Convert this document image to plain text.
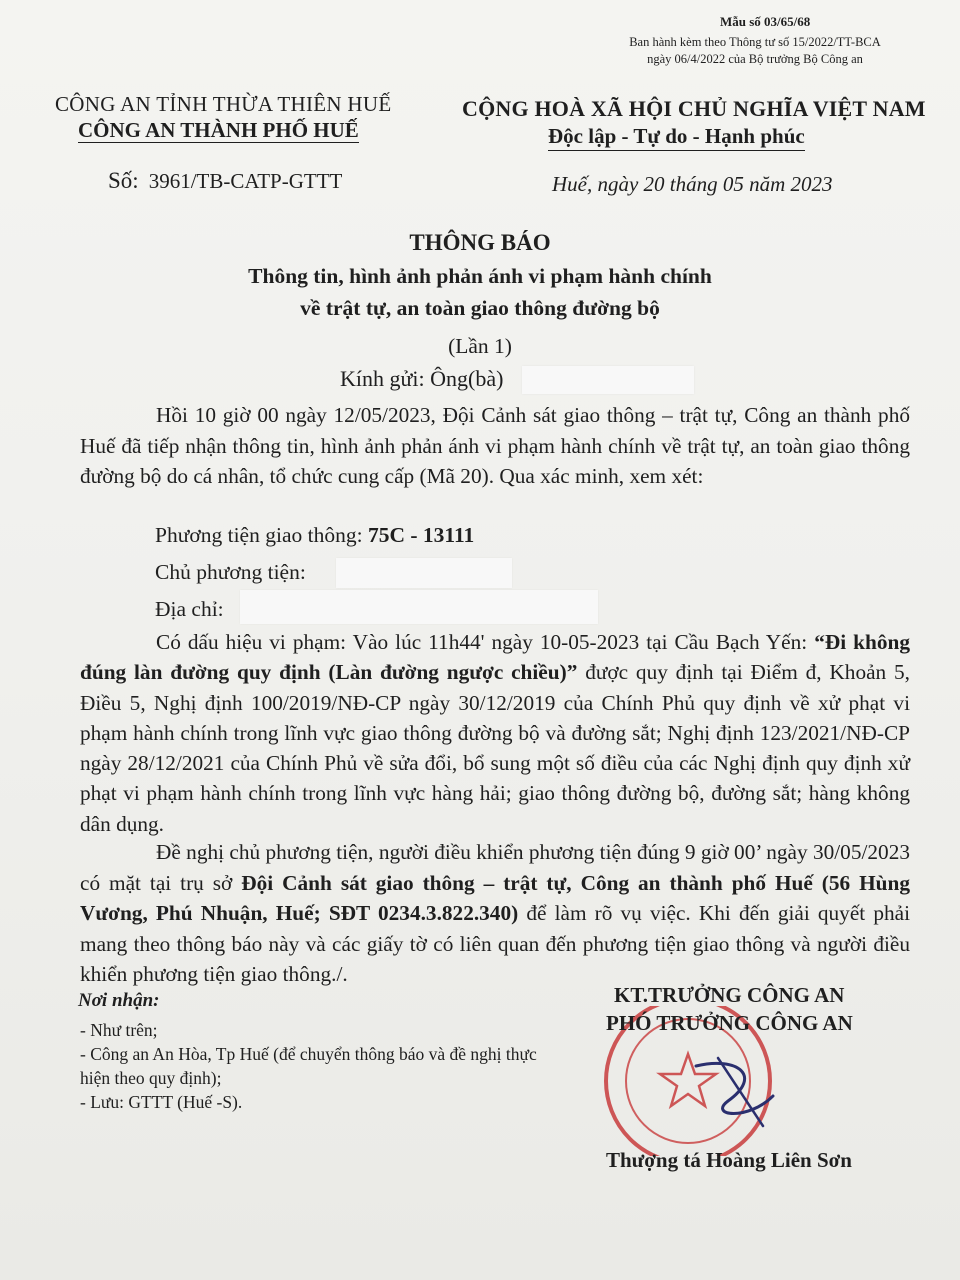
Mẫu số 03/65/68
Ban hành kèm theo Thông tư số 15/2022/TT-BCA
ngày 06/4/2022 của Bộ trưởng Bộ Công an
CÔNG AN TỈNH THỪA THIÊN HUẾ
CÔNG AN THÀNH PHỐ HUẾ
CỘNG HOÀ XÃ HỘI CHỦ NGHĨA VIỆT NAM
Độc lập - Tự do - Hạnh phúc
Số: 3961/TB-CATP-GTTT	Huế, ngày 20 tháng 05 năm 2023
THÔNG BÁO
Thông tin, hình ảnh phản ánh vi phạm hành chính
về trật tự, an toàn giao thông đường bộ
(Lần 1)
Kính gửi: Ông(bà)

Hồi 10 giờ 00 ngày 12/05/2023, Đội Cảnh sát giao thông – trật tự, Công an thành phố Huế đã tiếp nhận thông tin, hình ảnh phản ánh vi phạm hành chính về trật tự, an toàn giao thông đường bộ do cá nhân, tổ chức cung cấp (Mã 20). Qua xác minh, xem xét:

Phương tiện giao thông: 75C - 13111
Chủ phương tiện:
Địa chỉ:
Có dấu hiệu vi phạm: Vào lúc 11h44' ngày 10-05-2023 tại Cầu Bạch Yến: “Đi không đúng làn đường quy định (Làn đường ngược chiều)” được quy định tại Điểm đ, Khoản 5, Điều 5, Nghị định 100/2019/NĐ-CP ngày 30/12/2019 của Chính Phủ quy định về xử phạt vi phạm hành chính trong lĩnh vực giao thông đường bộ và đường sắt; Nghị định 123/2021/NĐ-CP ngày 28/12/2021 của Chính Phủ về sửa đổi, bổ sung một số điều của các Nghị định quy định xử phạt vi phạm hành chính trong lĩnh vực hàng hải; giao thông đường bộ, đường sắt; hàng không dân dụng.
Đề nghị chủ phương tiện, người điều khiển phương tiện đúng 9 giờ 00’ ngày 30/05/2023 có mặt tại trụ sở Đội Cảnh sát giao thông – trật tự, Công an thành phố Huế (56 Hùng Vương, Phú Nhuận, Huế; SĐT 0234.3.822.340) để làm rõ vụ việc. Khi đến giải quyết phải mang theo thông báo này và các giấy tờ có liên quan đến phương tiện giao thông và người điều khiển phương tiện giao thông./.
Nơi nhận:
- Như trên;
- Công an An Hòa, Tp Huế (để chuyển thông báo và đề nghị thực hiện theo quy định);
- Lưu: GTTT (Huế -S).
KT.TRƯỞNG CÔNG AN
PHÓ TRƯỞNG CÔNG AN
Thượng tá Hoàng Liên Sơn
